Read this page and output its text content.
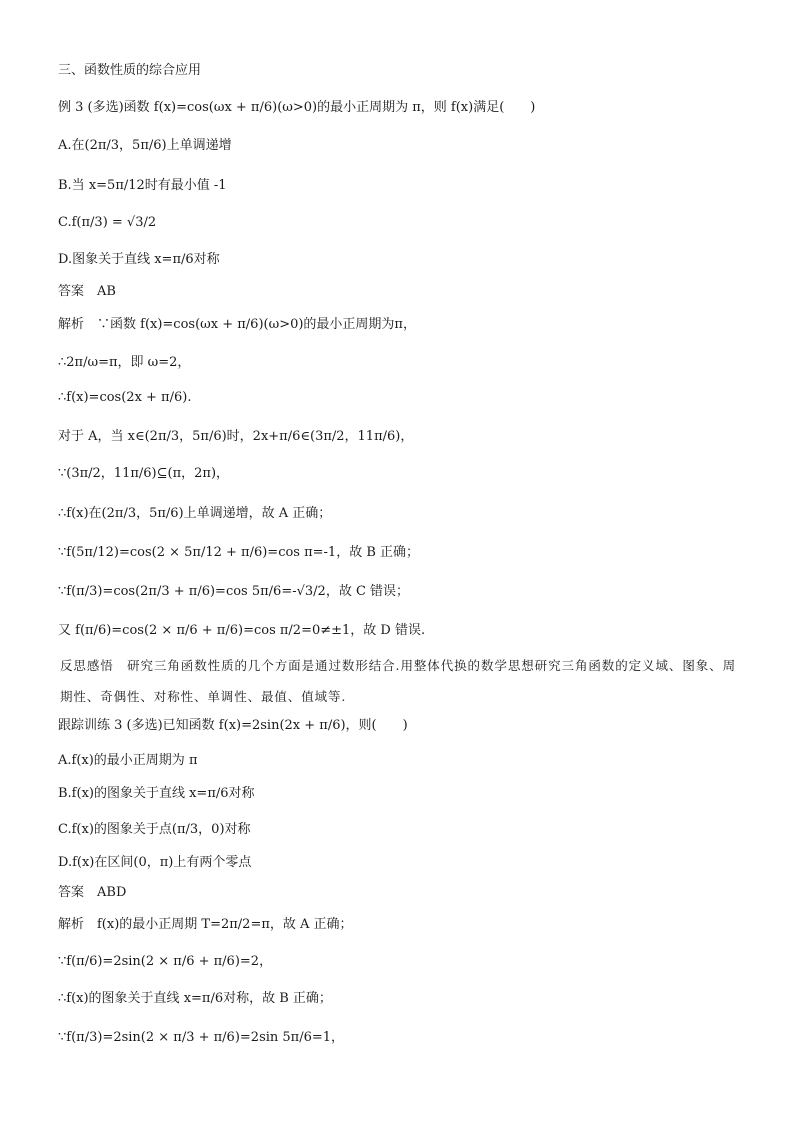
三、函数性质的综合应用
例 3 (多选)函数 f(x)=cos(ωx + π/6)(ω>0)的最小正周期为 π，则 f(x)满足(　　)
A.在(2π/3，5π/6)上单调递增
B.当 x=5π/12时有最小值 -1
C.f(π/3) = √3/2
D.图象关于直线 x=π/6对称
答案　AB
解析　∵函数 f(x)=cos(ωx + π/6)(ω>0)的最小正周期为π，
∴2π/ω=π，即 ω=2，
∴f(x)=cos(2x + π/6).
对于 A，当 x∈(2π/3，5π/6)时，2x+π/6∈(3π/2，11π/6)，
∵(3π/2，11π/6)⊆(π，2π)，
∴f(x)在(2π/3，5π/6)上单调递增，故 A 正确；
∵f(5π/12)=cos(2 × 5π/12 + π/6)=cos π=-1，故 B 正确；
∵f(π/3)=cos(2π/3 + π/6)=cos 5π/6=-√3/2，故 C 错误；
又 f(π/6)=cos(2 × π/6 + π/6)=cos π/2=0≠±1，故 D 错误.
反思感悟　研究三角函数性质的几个方面是通过数形结合.用整体代换的数学思想研究三角函数的定义域、图象、周期性、奇偶性、对称性、单调性、最值、值域等.
跟踪训练 3 (多选)已知函数 f(x)=2sin(2x + π/6)，则(　　)
A.f(x)的最小正周期为 π
B.f(x)的图象关于直线 x=π/6对称
C.f(x)的图象关于点(π/3，0)对称
D.f(x)在区间(0，π)上有两个零点
答案　ABD
解析　f(x)的最小正周期 T=2π/2=π，故 A 正确；
∵f(π/6)=2sin(2 × π/6 + π/6)=2，
∴f(x)的图象关于直线 x=π/6对称，故 B 正确；
∵f(π/3)=2sin(2 × π/3 + π/6)=2sin 5π/6=1，
